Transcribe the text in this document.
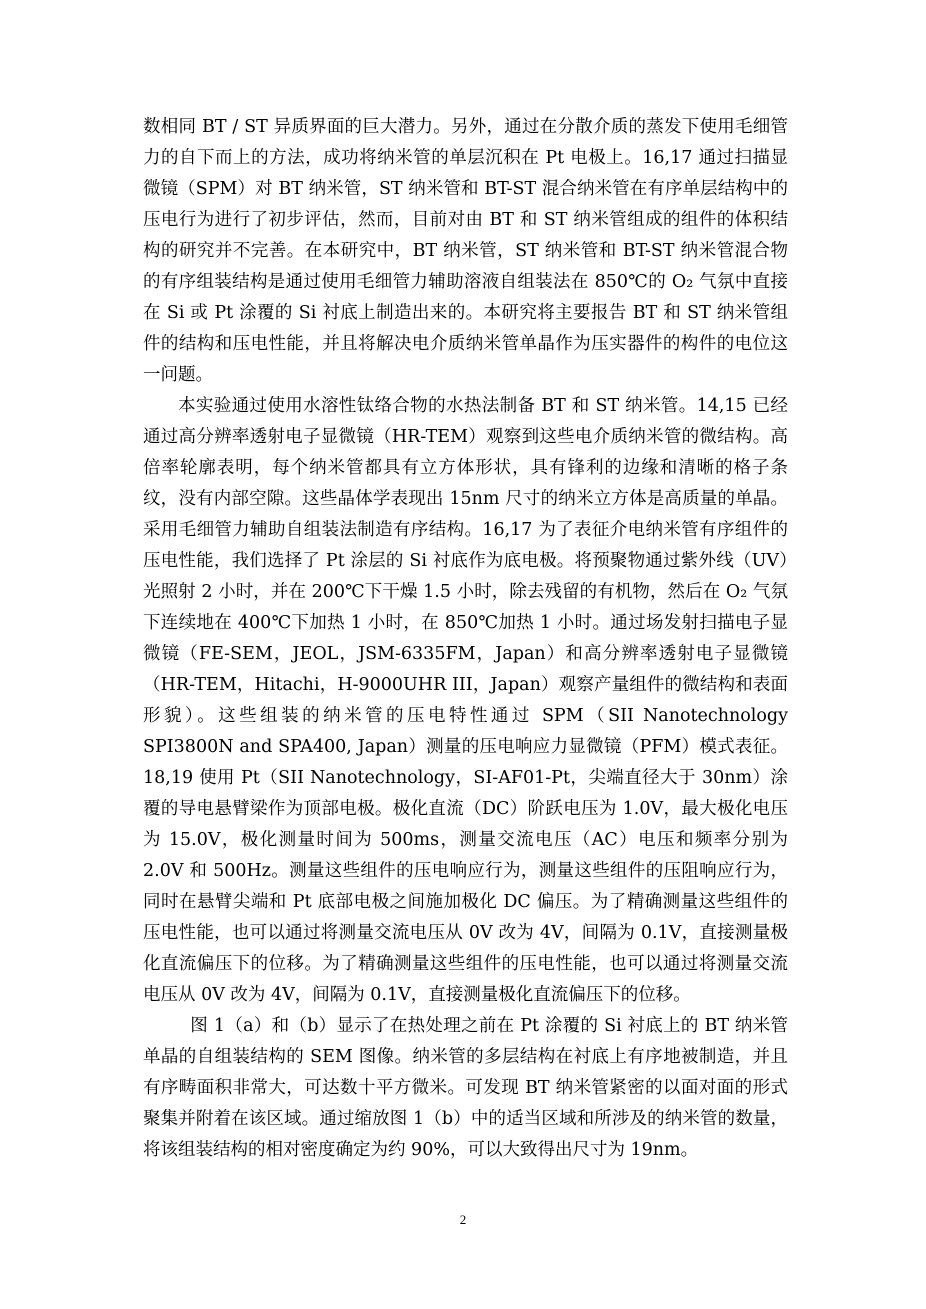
数相同 BT / ST 异质界面的巨大潜力。另外，通过在分散介质的蒸发下使用毛细管力的自下而上的方法，成功将纳米管的单层沉积在 Pt 电极上。16,17 通过扫描显微镜（SPM）对 BT 纳米管，ST 纳米管和 BT-ST 混合纳米管在有序单层结构中的压电行为进行了初步评估，然而，目前对由 BT 和 ST 纳米管组成的组件的体积结构的研究并不完善。在本研究中，BT 纳米管，ST 纳米管和 BT-ST 纳米管混合物的有序组装结构是通过使用毛细管力辅助溶液自组装法在 850℃的 O₂ 气氛中直接在 Si 或 Pt 涂覆的 Si 衬底上制造出来的。本研究将主要报告 BT 和 ST 纳米管组件的结构和压电性能，并且将解决电介质纳米管单晶作为压实器件的构件的电位这一问题。

本实验通过使用水溶性钛络合物的水热法制备 BT 和 ST 纳米管。14,15 已经通过高分辨率透射电子显微镜（HR-TEM）观察到这些电介质纳米管的微结构。高倍率轮廓表明，每个纳米管都具有立方体形状，具有锋利的边缘和清晰的格子条纹，没有内部空隙。这些晶体学表现出 15nm 尺寸的纳米立方体是高质量的单晶。采用毛细管力辅助自组装法制造有序结构。16,17 为了表征介电纳米管有序组件的压电性能，我们选择了 Pt 涂层的 Si 衬底作为底电极。将预聚物通过紫外线（UV）光照射 2 小时，并在 200℃下干燥 1.5 小时，除去残留的有机物，然后在 O₂ 气氛下连续地在 400℃下加热 1 小时，在 850℃加热 1 小时。通过场发射扫描电子显微镜（FE-SEM，JEOL，JSM-6335FM，Japan）和高分辨率透射电子显微镜（HR-TEM，Hitachi，H-9000UHR III，Japan）观察产量组件的微结构和表面形貌）。这些组装的纳米管的压电特性通过 SPM（SII Nanotechnology SPI3800N and SPA400, Japan）测量的压电响应力显微镜（PFM）模式表征。18,19 使用 Pt（SII Nanotechnology，SI-AF01-Pt，尖端直径大于 30nm）涂覆的导电悬臂梁作为顶部电极。极化直流（DC）阶跃电压为 1.0V，最大极化电压为 15.0V，极化测量时间为 500ms，测量交流电压（AC）电压和频率分别为 2.0V 和 500Hz。测量这些组件的压电响应行为，测量这些组件的压阻响应行为，同时在悬臂尖端和 Pt 底部电极之间施加极化 DC 偏压。为了精确测量这些组件的压电性能，也可以通过将测量交流电压从 0V 改为 4V，间隔为 0.1V，直接测量极化直流偏压下的位移。为了精确测量这些组件的压电性能，也可以通过将测量交流电压从 0V 改为 4V，间隔为 0.1V，直接测量极化直流偏压下的位移。

图 1（a）和（b）显示了在热处理之前在 Pt 涂覆的 Si 衬底上的 BT 纳米管单晶的自组装结构的 SEM 图像。纳米管的多层结构在衬底上有序地被制造，并且有序畴面积非常大，可达数十平方微米。可发现 BT 纳米管紧密的以面对面的形式聚集并附着在该区域。通过缩放图 1（b）中的适当区域和所涉及的纳米管的数量，将该组装结构的相对密度确定为约 90%，可以大致得出尺寸为 19nm。

2
